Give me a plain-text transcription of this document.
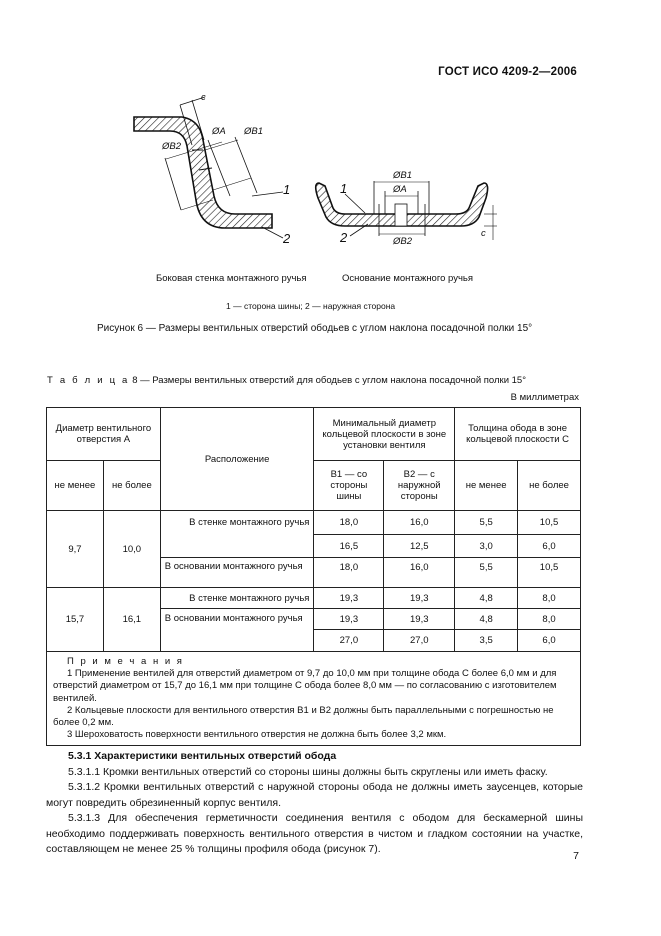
ГОСТ ИСО 4209-2—2006
c
ØA ØB1
ØB2
1
2
ØB1
ØA
ØB2
c
1
2
Боковая стенка монтажного ручья	Основание монтажного ручья
1 — сторона шины; 2 — наружная сторона
Рисунок 6 — Размеры вентильных отверстий ободьев с углом наклона посадочной полки 15°
Т а б л и ц а 8 — Размеры вентильных отверстий для ободьев с углом наклона посадочной полки 15°
В миллиметрах
Диаметр вентильного отверстия A		Расположение	Минимальный диаметр кольцевой плоскости в зоне установки вентиля		Толщина обода в зоне кольцевой плоскости C	
не менее	не более		B1 — со стороны шины	B2 — с наружной стороны	не менее	не более
9,7	10,0	В стенке монтажного ручья	18,0	16,0	5,5	10,5
			16,5	12,5	3,0	6,0
		В основании монтажного ручья	18,0	16,0	5,5	10,5
15,7	16,1	В стенке монтажного ручья	19,3	19,3	4,8	8,0
		В основании монтажного ручья	19,3	19,3	4,8	8,0
			27,0	27,0	3,5	6,0

П р и м е ч а н и я
1 Применение вентилей для отверстий диаметром от 9,7 до 10,0 мм при толщине обода C более 6,0 мм и для отверстий диаметром от 15,7 до 16,1 мм при толщине C обода более 8,0 мм — по согласованию с изготовителем вентилей.
2 Кольцевые плоскости для вентильного отверстия B1 и B2 должны быть параллельными с погрешностью не более 0,2 мм.
3 Шероховатость поверхности вентильного отверстия не должна быть более 3,2 мкм.						

5.3.1 Характеристики вентильных отверстий обода

5.3.1.1 Кромки вентильных отверстий со стороны шины должны быть скруглены или иметь фаску.

5.3.1.2 Кромки вентильных отверстий с наружной стороны обода не должны иметь заусенцев, которые могут повредить обрезиненный корпус вентиля.

5.3.1.3 Для обеспечения герметичности соединения вентиля с ободом для бескамерной шины необходимо поддерживать поверхность вентильного отверстия в чистом и гладком состоянии на участке, составляющем не менее 25 % толщины профиля обода (рисунок 7).

7
